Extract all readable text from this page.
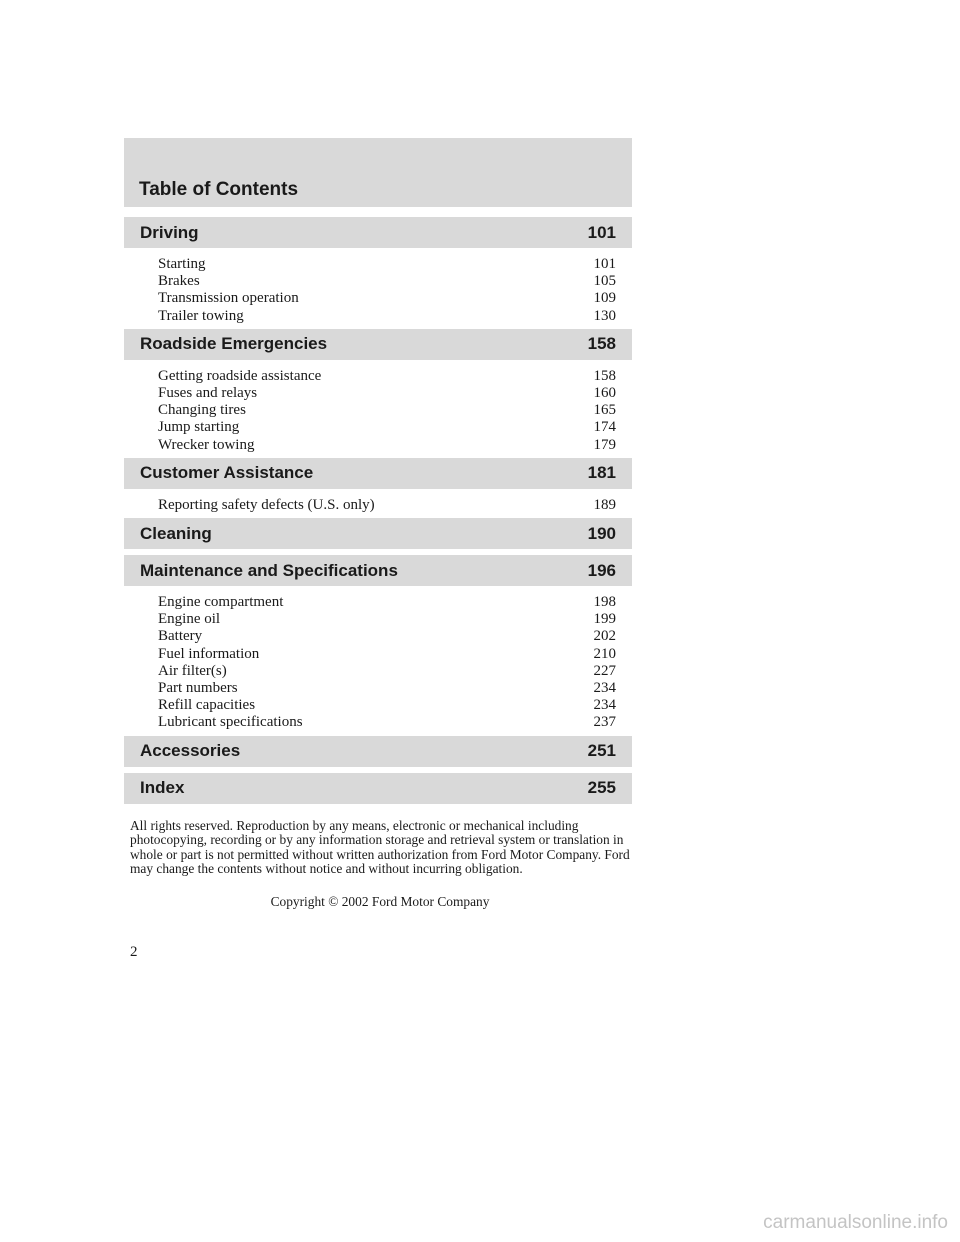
Table of Contents
Driving	101
Starting	101
Brakes	105
Transmission operation	109
Trailer towing	130
Roadside Emergencies	158
Getting roadside assistance	158
Fuses and relays	160
Changing tires	165
Jump starting	174
Wrecker towing	179
Customer Assistance	181
Reporting safety defects (U.S. only)	189
Cleaning	190
Maintenance and Specifications	196
Engine compartment	198
Engine oil	199
Battery	202
Fuel information	210
Air filter(s)	227
Part numbers	234
Refill capacities	234
Lubricant specifications	237
Accessories	251
Index	255
All rights reserved. Reproduction by any means, electronic or mechanical including photocopying, recording or by any information storage and retrieval system or translation in whole or part is not permitted without written authorization from Ford Motor Company. Ford may change the contents without notice and without incurring obligation.
Copyright © 2002 Ford Motor Company
2
carmanualsonline.info
